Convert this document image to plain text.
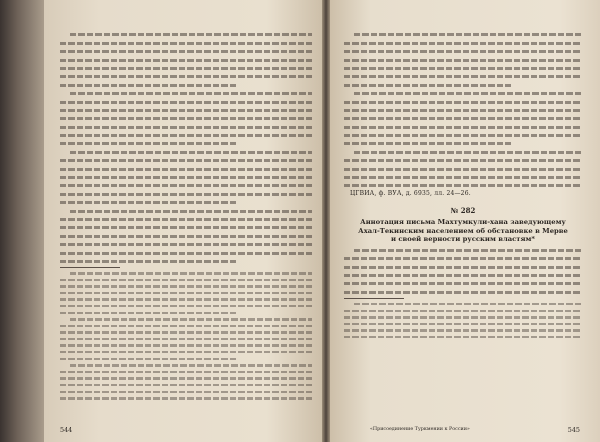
544
ЦГВИА, ф. ВУА, д. 6935, лл. 24—26.
№ 282
Аннотация письма Махтумкули-хана заведующему Ахал-Текинским населением об обстановке в Мерве и своей верности русским властям*
«Присоединение Туркмении к России»	545
